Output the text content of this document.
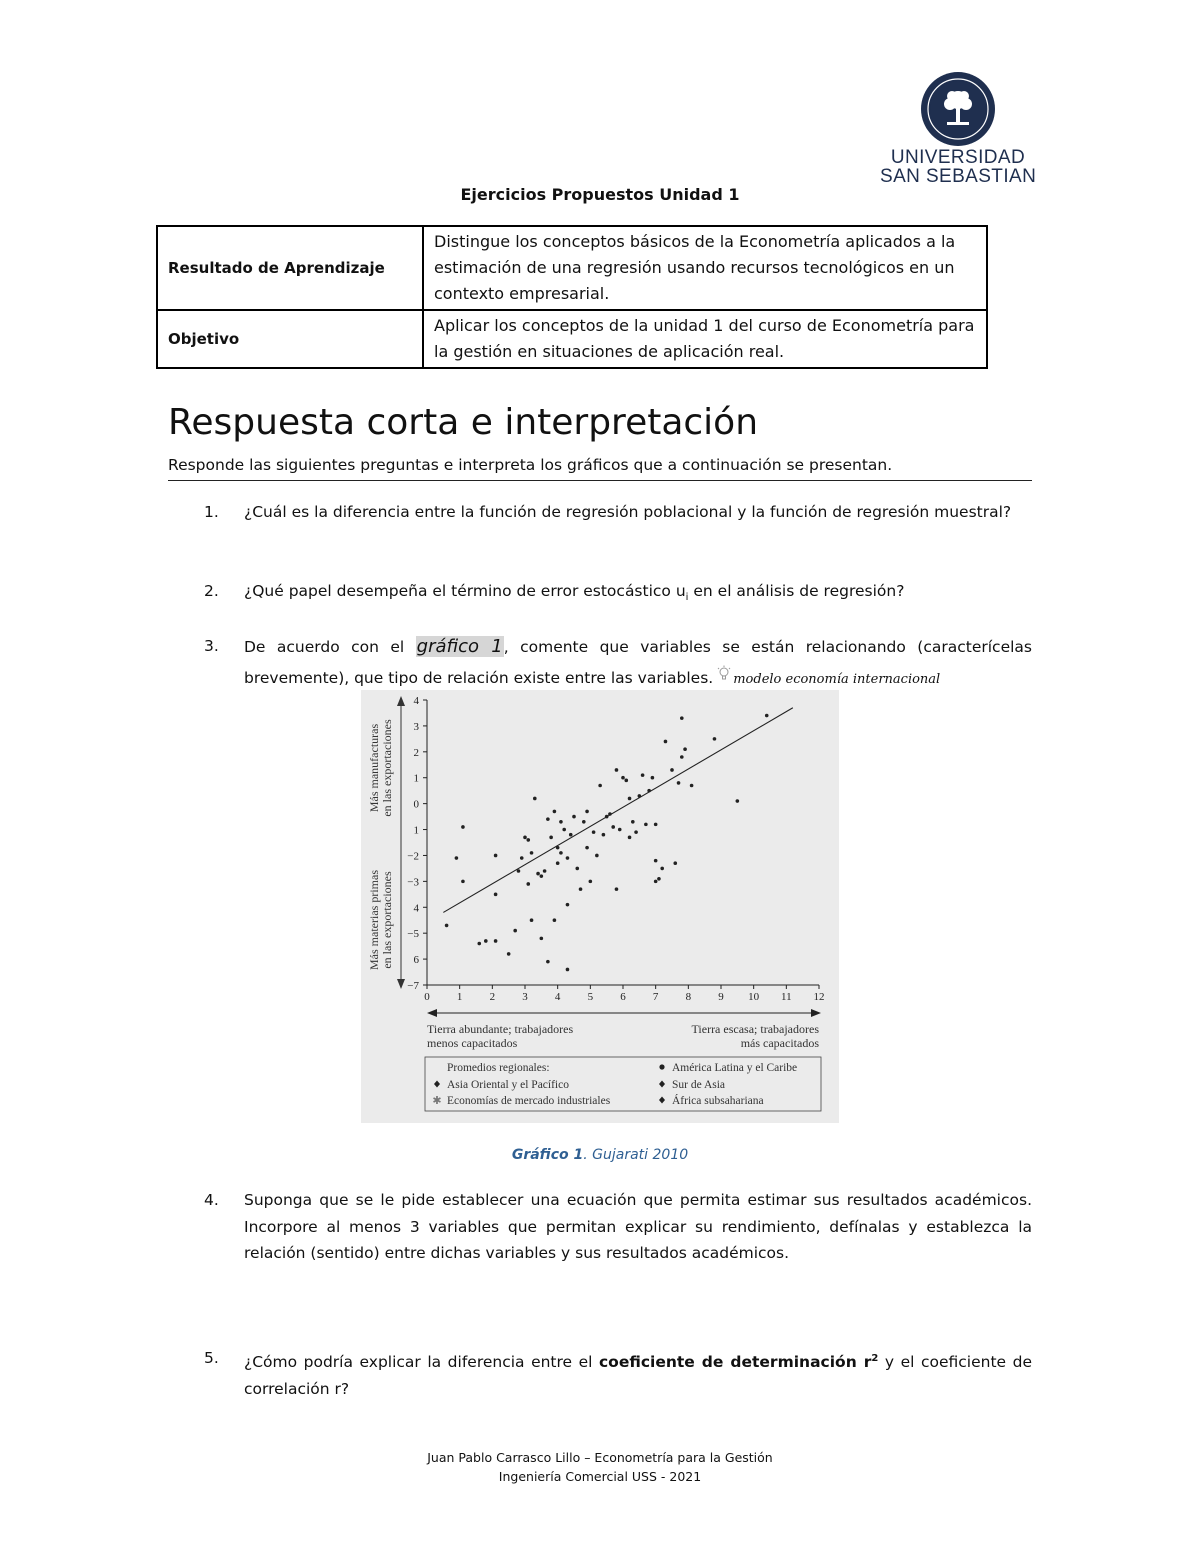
UNIVERSIDAD
SAN SEBASTIAN
Ejercicios Propuestos Unidad 1
Resultado de Aprendizaje	Distingue los conceptos básicos de la Econometría aplicados a la estimación de una regresión usando recursos tecnológicos en un contexto empresarial.
Objetivo	Aplicar los conceptos de la unidad 1 del curso de Econometría para la gestión en situaciones de aplicación real.
Respuesta corta e interpretación
Responde las siguientes preguntas e interpreta los gráficos que a continuación se presentan.
1.	¿Cuál es la diferencia entre la función de regresión poblacional y la función de regresión muestral?
2.	¿Qué papel desempeña el término de error estocástico $u_i$ en el análisis de regresión?
3.	De acuerdo con el gráfico 1, comente que variables se están relacionando (caracterícelas brevemente), que tipo de relación existe entre las variables. modelo economía internacional
Más manufacturas en las exportaciones
Más materias primas en las exportaciones
4
3
2
1
0
1
−2
−3
4
−5
6
−7
0 1 2 3 4 5 6 7 8 9 10 11 12
Tierra abundante; trabajadores
menos capacitados
Tierra escasa; trabajadores
más capacitados
Promedios regionales:
Asia Oriental y el Pacífico
✱ Economías de mercado industriales
América Latina y el Caribe
Sur de Asia
África subsahariana
Gráfico 1. Gujarati 2010
4.	Suponga que se le pide establecer una ecuación que permita estimar sus resultados académicos. Incorpore al menos 3 variables que permitan explicar su rendimiento, defínalas y establezca la relación (sentido) entre dichas variables y sus resultados académicos.
5.	¿Cómo podría explicar la diferencia entre el coeficiente de determinación $r^2$ y el coeficiente de correlación r?
Juan Pablo Carrasco Lillo – Econometría para la Gestión
Ingeniería Comercial USS - 2021
